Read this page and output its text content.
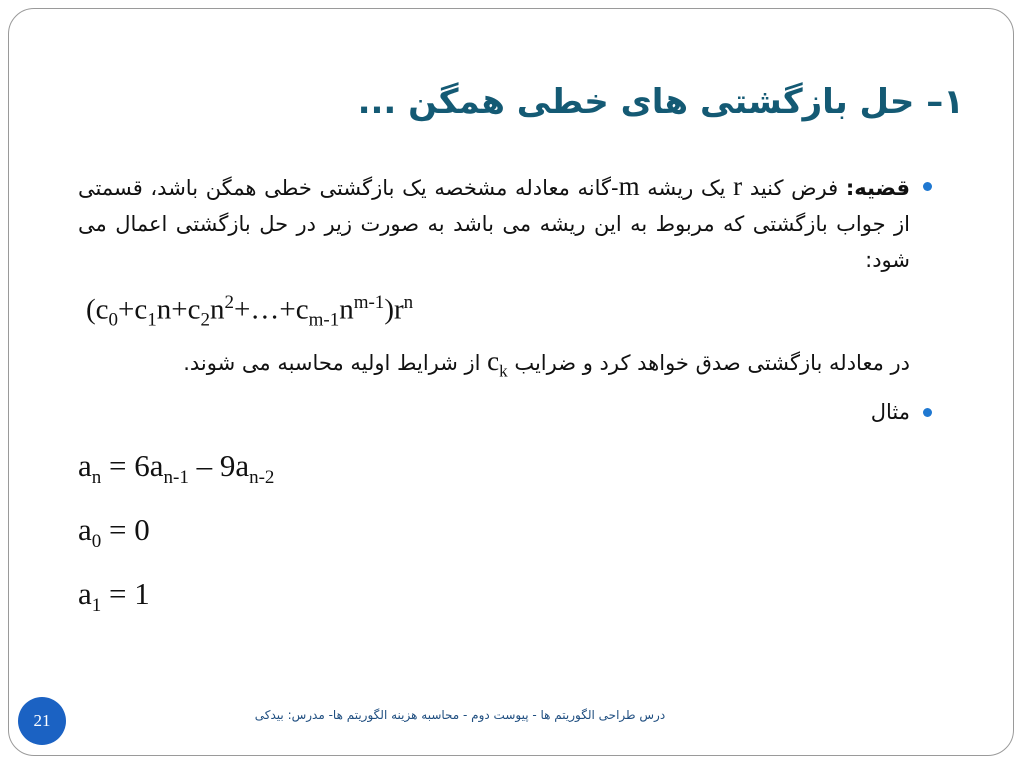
۱– حل بازگشتی های خطی همگن ...
قضیه: فرض کنید r یک ریشه m-گانه معادله مشخصه یک بازگشتی خطی همگن باشد، قسمتی از جواب بازگشتی که مربوط به این ریشه می باشد به صورت زیر در حل بازگشتی اعمال می شود:
$(c_0+c_1n+c_2n^2+\dots+c_{m-1}n^{m-1})r^n$
در معادله بازگشتی صدق خواهد کرد و ضرایب $c_k$ از شرایط اولیه محاسبه می شوند.
مثال
$a_n = 6a_{n-1} - 9a_{n-2}$
$a_0 = 0$
$a_1 = 1$
21	درس طراحی الگوریتم ها - پیوست دوم - محاسبه هزینه الگوریتم ها- مدرس: بیدکی
